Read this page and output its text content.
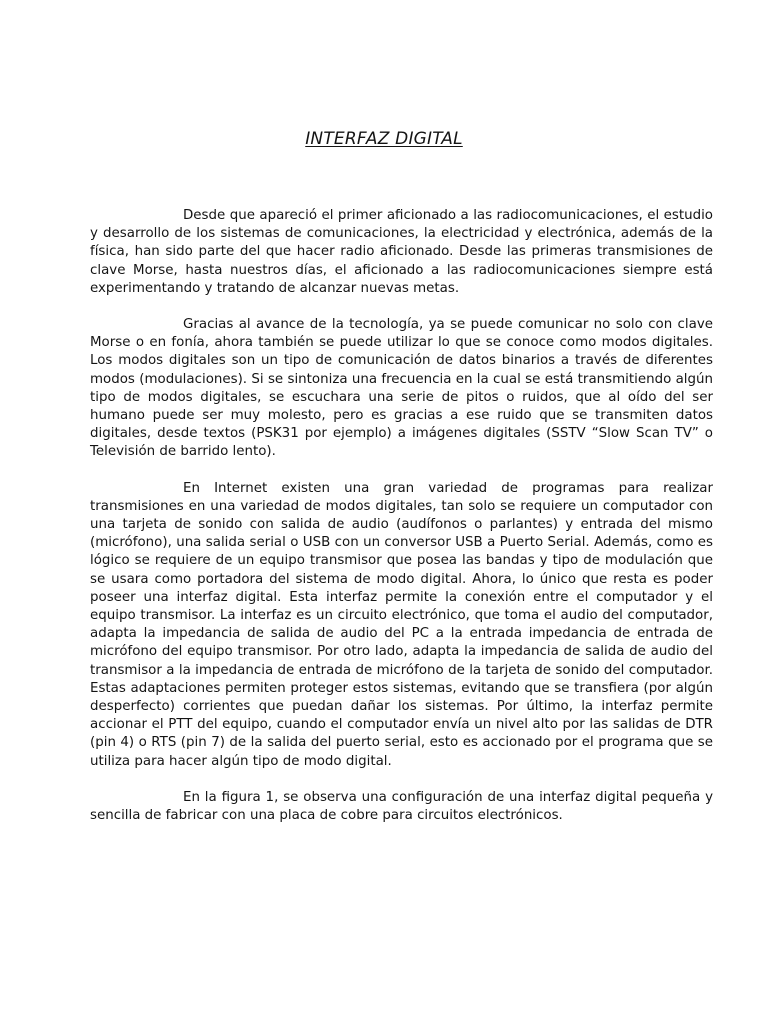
INTERFAZ DIGITAL

Desde que apareció el primer aficionado a las radiocomunicaciones, el estudio y desarrollo de los sistemas de comunicaciones, la electricidad y electrónica, además de la física, han sido parte del que hacer radio aficionado. Desde las primeras transmisiones de clave Morse, hasta nuestros días, el aficionado a las radiocomunicaciones siempre está experimentando y tratando de alcanzar nuevas metas.

Gracias al avance de la tecnología, ya se puede comunicar no solo con clave Morse o en fonía, ahora también se puede utilizar lo que se conoce como modos digitales. Los modos digitales son un tipo de comunicación de datos binarios a través de diferentes modos (modulaciones). Si se sintoniza una frecuencia en la cual se está transmitiendo algún tipo de modos digitales, se escuchara una serie de pitos o ruidos, que al oído del ser humano puede ser muy molesto, pero es gracias a ese ruido que se transmiten datos digitales, desde textos (PSK31 por ejemplo) a imágenes digitales (SSTV “Slow Scan TV” o Televisión de barrido lento).

En Internet existen una gran variedad de programas para realizar transmisiones en una variedad de modos digitales, tan solo se requiere un computador con una tarjeta de sonido con salida de audio (audífonos o parlantes) y entrada del mismo (micrófono), una salida serial o USB con un conversor USB a Puerto Serial. Además, como es lógico se requiere de un equipo transmisor que posea las bandas y tipo de modulación que se usara como portadora del sistema de modo digital. Ahora, lo único que resta es poder poseer una interfaz digital. Esta interfaz permite la conexión entre el computador y el equipo transmisor. La interfaz es un circuito electrónico, que toma el audio del computador, adapta la impedancia de salida de audio del PC a la entrada impedancia de entrada de micrófono del equipo transmisor. Por otro lado, adapta la impedancia de salida de audio del transmisor a la impedancia de entrada de micrófono de la tarjeta de sonido del computador. Estas adaptaciones permiten proteger estos sistemas, evitando que se transfiera (por algún desperfecto) corrientes que puedan dañar los sistemas. Por último, la interfaz permite accionar el PTT del equipo, cuando el computador envía un nivel alto por las salidas de DTR (pin 4) o RTS (pin 7) de la salida del puerto serial, esto es accionado por el programa que se utiliza para hacer algún tipo de modo digital.

En la figura 1, se observa una configuración de una interfaz digital pequeña y sencilla de fabricar con una placa de cobre para circuitos electrónicos.
